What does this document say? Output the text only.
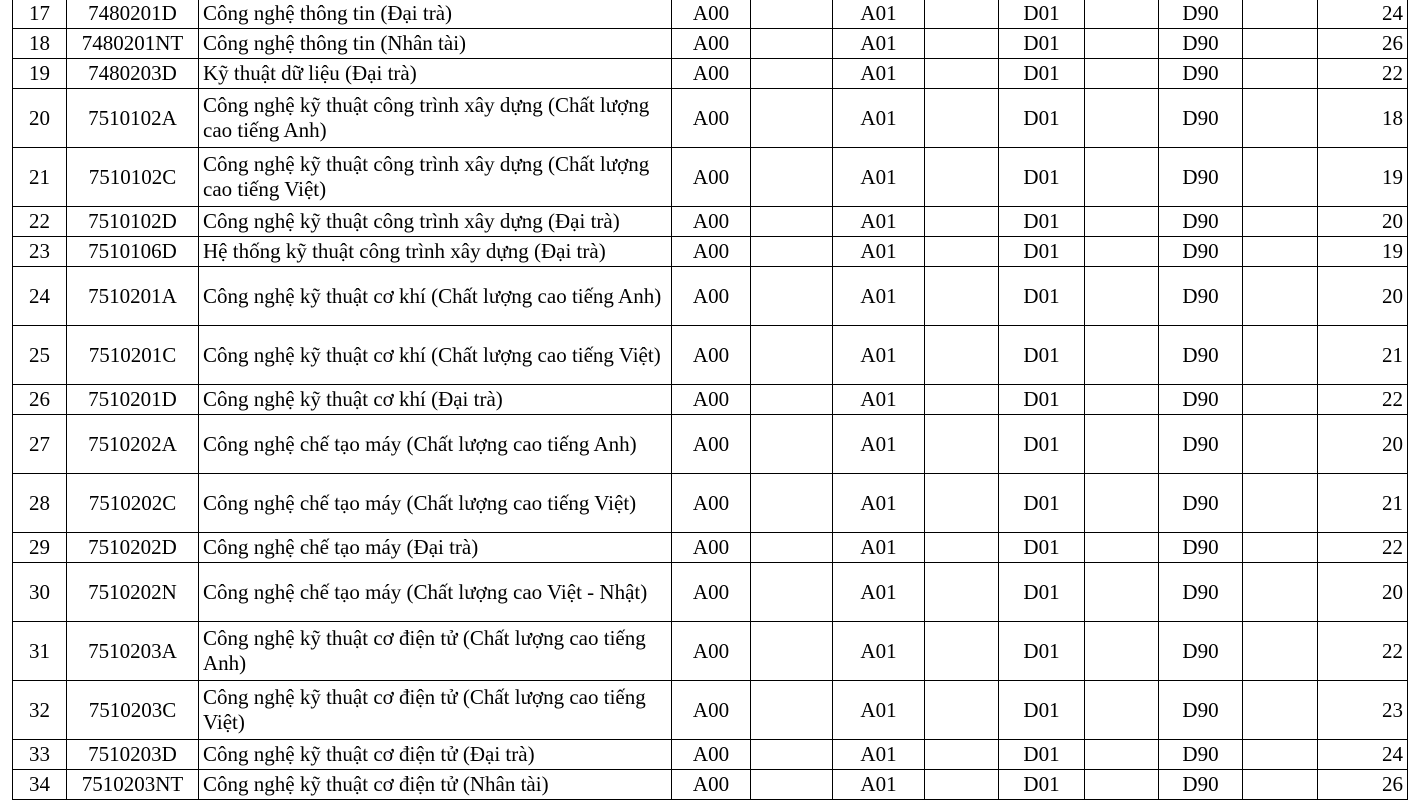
17	7480201D	Công nghệ thông tin (Đại trà)	A00		A01		D01		D90		24
18	7480201NT	Công nghệ thông tin (Nhân tài)	A00		A01		D01		D90		26
19	7480203D	Kỹ thuật dữ liệu (Đại trà)	A00		A01		D01		D90		22
20	7510102A	Công nghệ kỹ thuật công trình xây dựng (Chất lượng cao tiếng Anh)	A00		A01		D01		D90		18
21	7510102C	Công nghệ kỹ thuật công trình xây dựng (Chất lượng cao tiếng Việt)	A00		A01		D01		D90		19
22	7510102D	Công nghệ kỹ thuật công trình xây dựng (Đại trà)	A00		A01		D01		D90		20
23	7510106D	Hệ thống kỹ thuật công trình xây dựng (Đại trà)	A00		A01		D01		D90		19
24	7510201A	Công nghệ kỹ thuật cơ khí (Chất lượng cao tiếng Anh)	A00		A01		D01		D90		20
25	7510201C	Công nghệ kỹ thuật cơ khí (Chất lượng cao tiếng Việt)	A00		A01		D01		D90		21
26	7510201D	Công nghệ kỹ thuật cơ khí (Đại trà)	A00		A01		D01		D90		22
27	7510202A	Công nghệ chế tạo máy (Chất lượng cao tiếng Anh)	A00		A01		D01		D90		20
28	7510202C	Công nghệ chế tạo máy (Chất lượng cao tiếng Việt)	A00		A01		D01		D90		21
29	7510202D	Công nghệ chế tạo máy (Đại trà)	A00		A01		D01		D90		22
30	7510202N	Công nghệ chế tạo máy (Chất lượng cao Việt - Nhật)	A00		A01		D01		D90		20
31	7510203A	Công nghệ kỹ thuật cơ điện tử (Chất lượng cao tiếng Anh)	A00		A01		D01		D90		22
32	7510203C	Công nghệ kỹ thuật cơ điện tử (Chất lượng cao tiếng Việt)	A00		A01		D01		D90		23
33	7510203D	Công nghệ kỹ thuật cơ điện tử (Đại trà)	A00		A01		D01		D90		24
34	7510203NT	Công nghệ kỹ thuật cơ điện tử (Nhân tài)	A00		A01		D01		D90		26
